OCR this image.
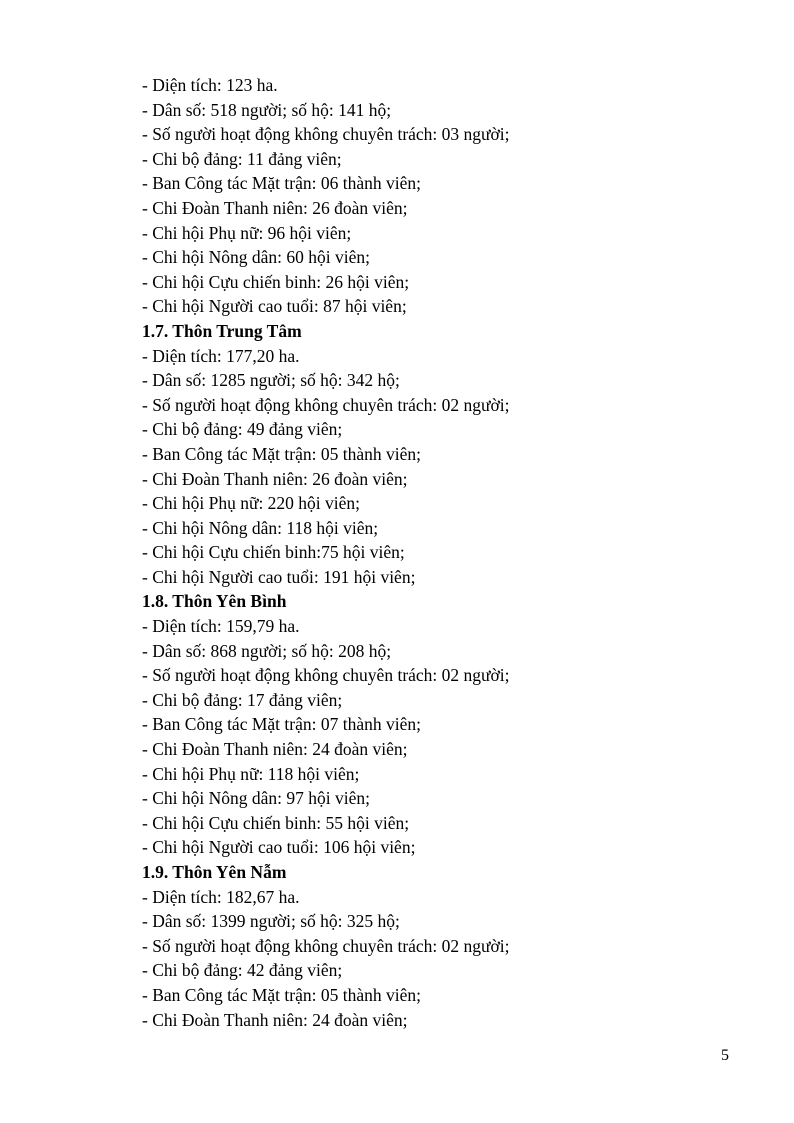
- Diện tích: 123 ha.
- Dân số: 518 người; số hộ: 141 hộ;
- Số người hoạt động không chuyên trách: 03 người;
- Chi bộ đảng: 11 đảng viên;
- Ban Công tác Mặt trận: 06 thành viên;
- Chi Đoàn Thanh niên: 26 đoàn viên;
- Chi hội Phụ nữ: 96 hội viên;
- Chi hội Nông dân: 60 hội viên;
- Chi hội Cựu chiến binh: 26 hội viên;
- Chi hội Người cao tuổi: 87 hội viên;
1.7. Thôn Trung Tâm
- Diện tích: 177,20 ha.
- Dân số: 1285 người; số hộ: 342 hộ;
- Số người hoạt động không chuyên trách: 02 người;
- Chi bộ đảng: 49 đảng viên;
- Ban Công tác Mặt trận: 05 thành viên;
- Chi Đoàn Thanh niên: 26 đoàn viên;
- Chi hội Phụ nữ: 220 hội viên;
- Chi hội Nông dân: 118 hội viên;
- Chi hội Cựu chiến binh:75 hội viên;
- Chi hội Người cao tuổi: 191 hội viên;
1.8. Thôn Yên Bình
- Diện tích: 159,79 ha.
- Dân số: 868 người; số hộ: 208 hộ;
- Số người hoạt động không chuyên trách: 02 người;
- Chi bộ đảng: 17 đảng viên;
- Ban Công tác Mặt trận: 07 thành viên;
- Chi Đoàn Thanh niên: 24 đoàn viên;
- Chi hội Phụ nữ: 118 hội viên;
- Chi hội Nông dân: 97 hội viên;
- Chi hội Cựu chiến binh: 55 hội viên;
- Chi hội Người cao tuổi: 106 hội viên;
1.9. Thôn Yên Nẫm
- Diện tích: 182,67 ha.
- Dân số: 1399 người; số hộ: 325 hộ;
- Số người hoạt động không chuyên trách: 02 người;
- Chi bộ đảng: 42 đảng viên;
- Ban Công tác Mặt trận: 05 thành viên;
- Chi Đoàn Thanh niên: 24 đoàn viên;
5
